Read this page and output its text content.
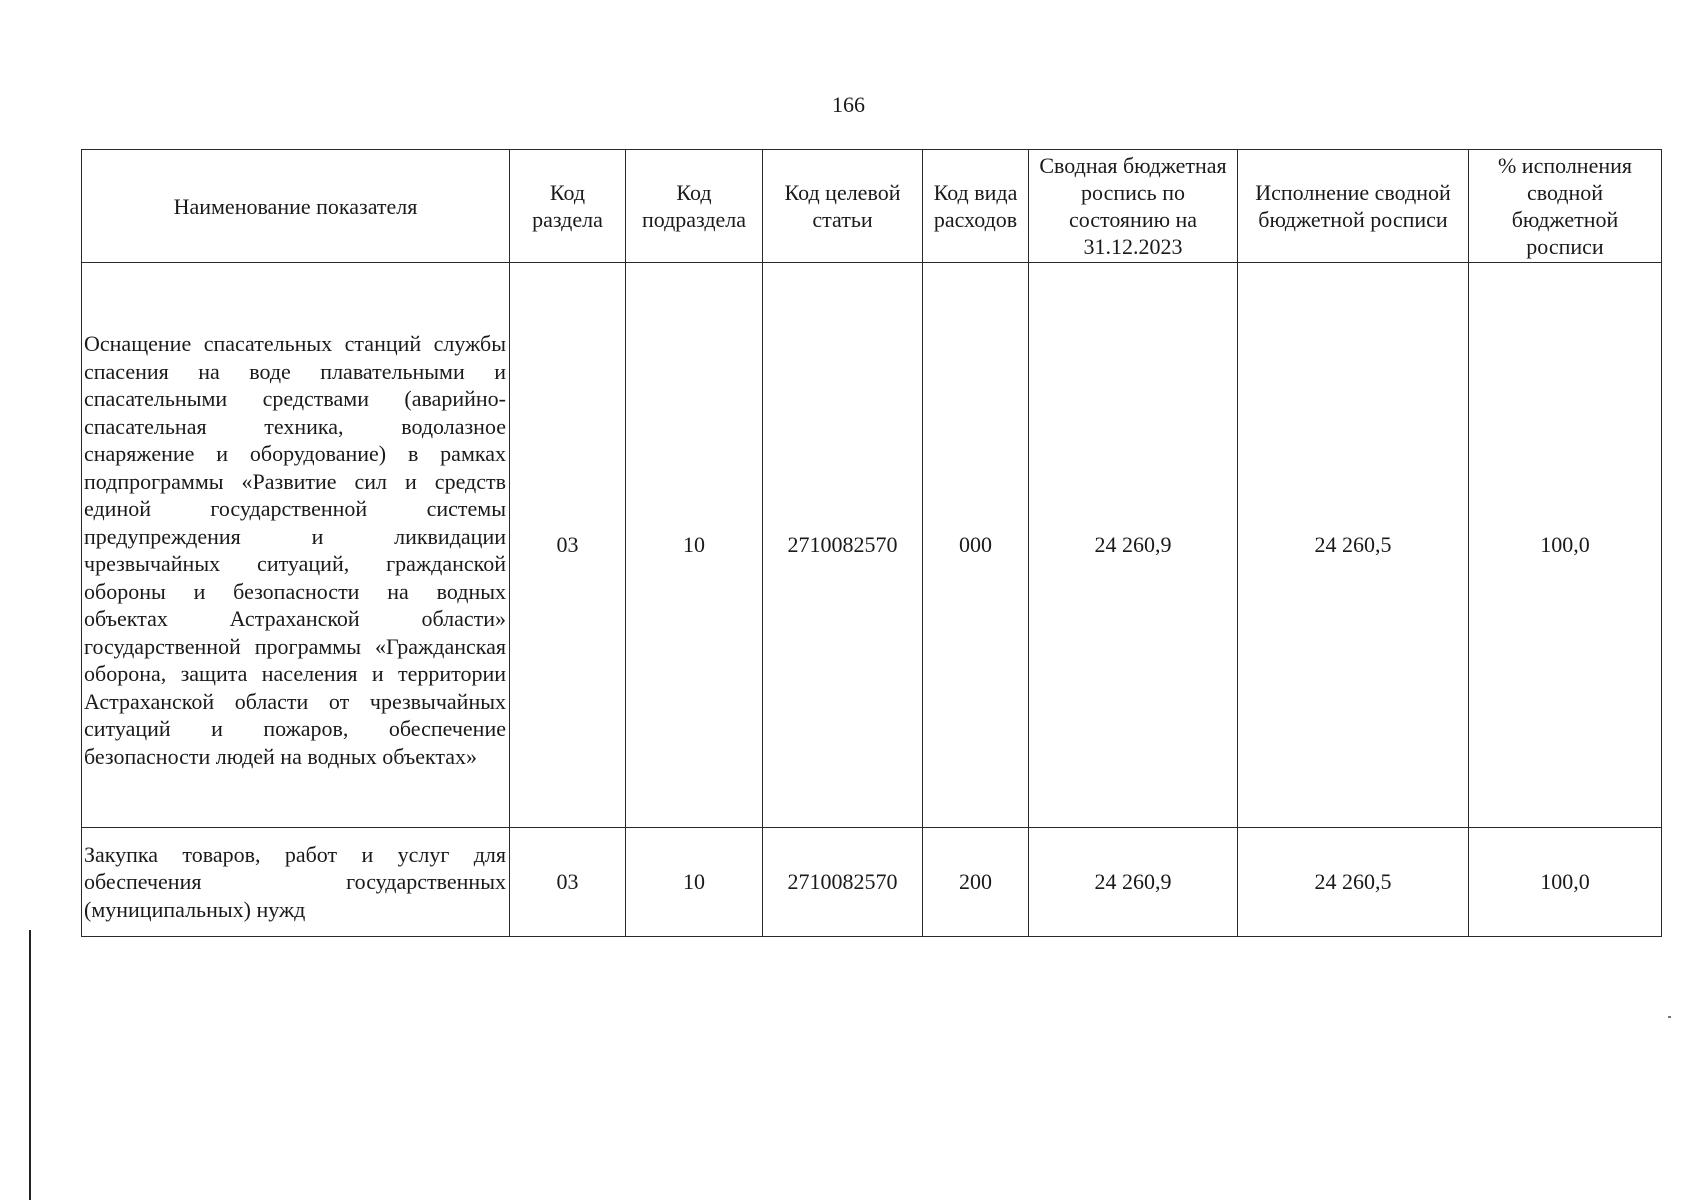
166
Наименование показателя	Код раздела	Код подраздела	Код целевой статьи	Код вида расходов	Сводная бюджетная роспись по состоянию на 31.12.2023	Исполнение сводной бюджетной росписи	% исполнения сводной бюджетной росписи
Оснащение спасательных станций службы спасения на воде плавательными и спасательными средствами (аварийно-спасательная техника, водолазное снаряжение и оборудование) в рамках подпрограммы «Развитие сил и средств единой государственной системы предупреждения и ликвидации чрезвычайных ситуаций, гражданской обороны и безопасности на водных объектах Астраханской области» государственной программы «Гражданская оборона, защита населения и территории Астраханской области от чрезвычайных ситуаций и пожаров, обеспечение безопасности людей на водных объектах»	03	10	2710082570	000	24 260,9	24 260,5	100,0
Закупка товаров, работ и услуг для обеспечения государственных (муниципальных) нужд	03	10	2710082570	200	24 260,9	24 260,5	100,0
